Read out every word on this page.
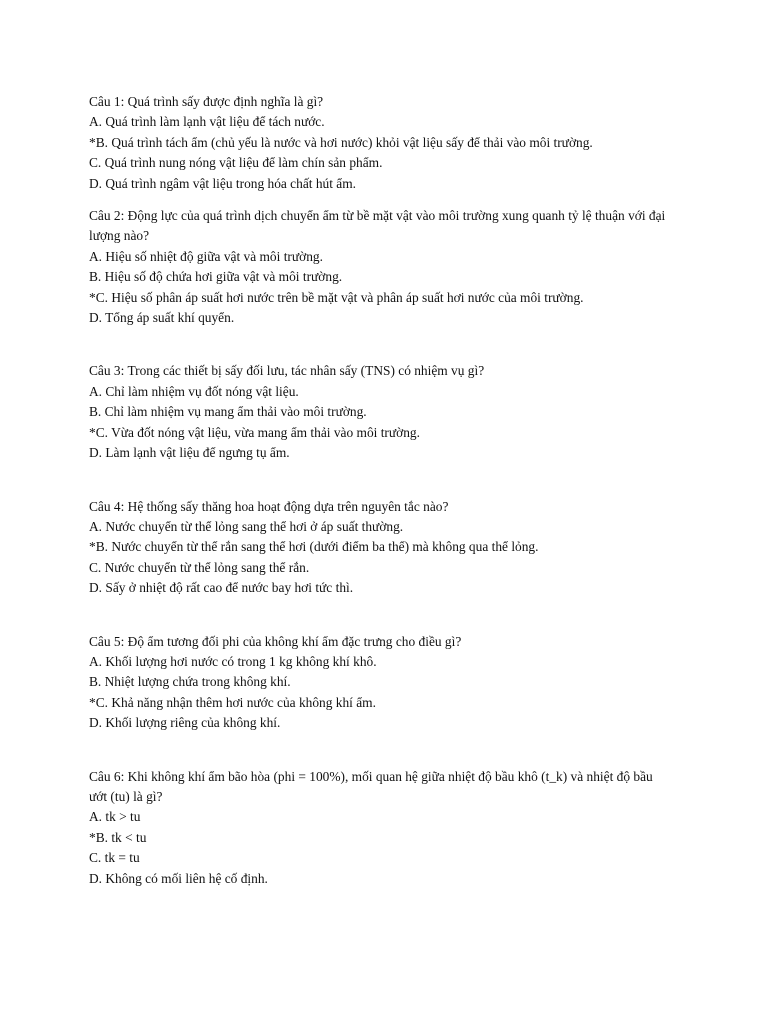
Câu 1: Quá trình sấy được định nghĩa là gì?
A. Quá trình làm lạnh vật liệu để tách nước.
*B. Quá trình tách ẩm (chủ yếu là nước và hơi nước) khỏi vật liệu sấy để thải vào môi trường.
C. Quá trình nung nóng vật liệu để làm chín sản phẩm.
D. Quá trình ngâm vật liệu trong hóa chất hút ẩm.
Câu 2: Động lực của quá trình dịch chuyển ẩm từ bề mặt vật vào môi trường xung quanh tỷ lệ thuận với đại lượng nào?
A. Hiệu số nhiệt độ giữa vật và môi trường.
B. Hiệu số độ chứa hơi giữa vật và môi trường.
*C. Hiệu số phân áp suất hơi nước trên bề mặt vật và phân áp suất hơi nước của môi trường.
D. Tổng áp suất khí quyển.
Câu 3: Trong các thiết bị sấy đối lưu, tác nhân sấy (TNS) có nhiệm vụ gì?
A. Chỉ làm nhiệm vụ đốt nóng vật liệu.
B. Chỉ làm nhiệm vụ mang ẩm thải vào môi trường.
*C. Vừa đốt nóng vật liệu, vừa mang ẩm thải vào môi trường.
D. Làm lạnh vật liệu để ngưng tụ ẩm.
Câu 4: Hệ thống sấy thăng hoa hoạt động dựa trên nguyên tắc nào?
A. Nước chuyển từ thể lỏng sang thể hơi ở áp suất thường.
*B. Nước chuyển từ thể rắn sang thể hơi (dưới điểm ba thể) mà không qua thể lỏng.
C. Nước chuyển từ thể lỏng sang thể rắn.
D. Sấy ở nhiệt độ rất cao để nước bay hơi tức thì.
Câu 5: Độ ẩm tương đối phi của không khí ẩm đặc trưng cho điều gì?
A. Khối lượng hơi nước có trong 1 kg không khí khô.
B. Nhiệt lượng chứa trong không khí.
*C. Khả năng nhận thêm hơi nước của không khí ẩm.
D. Khối lượng riêng của không khí.
Câu 6: Khi không khí ẩm bão hòa (phi = 100%), mối quan hệ giữa nhiệt độ bầu khô (t_k) và nhiệt độ bầu ướt (tu) là gì?
A. tk > tu
*B. tk < tu
C. tk = tu
D. Không có mối liên hệ cố định.
